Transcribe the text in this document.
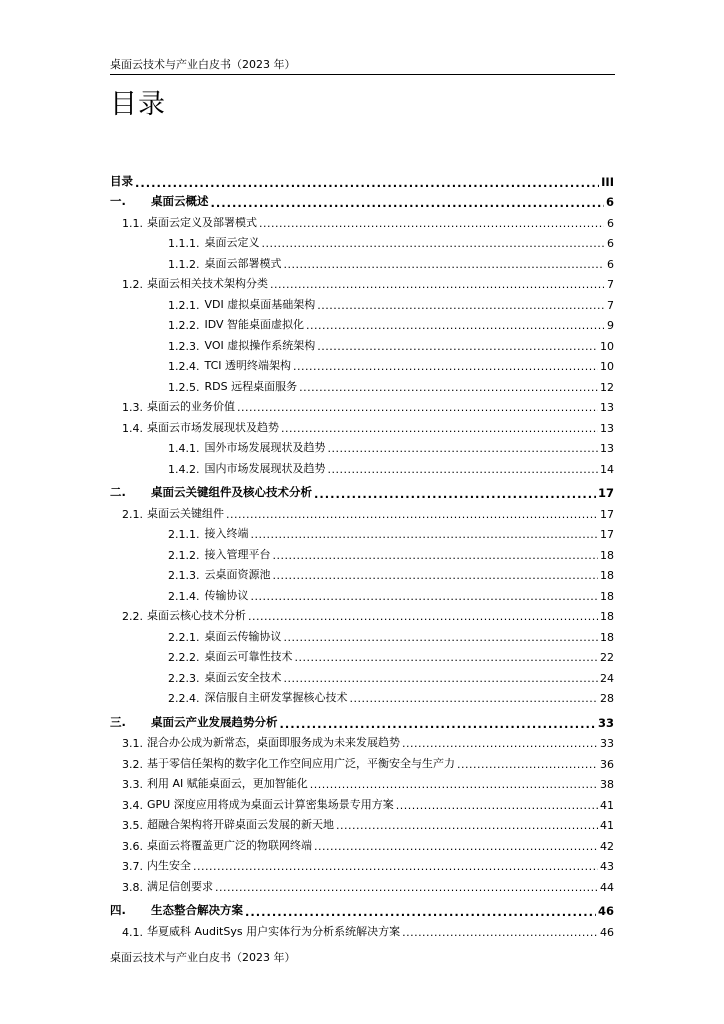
桌面云技术与产业白皮书（2023 年）
目录
目录 .....	III
一.	桌面云概述 .....	6
1.1. 桌面云定义及部署模式 .....	6
1.1.1. 桌面云定义 .....	6
1.1.2. 桌面云部署模式 .....	6
1.2. 桌面云相关技术架构分类 .....	7
1.2.1. VDI 虚拟桌面基础架构 .....	7
1.2.2. IDV 智能桌面虚拟化 .....	9
1.2.3. VOI 虚拟操作系统架构 .....	10
1.2.4. TCI 透明终端架构 .....	10
1.2.5. RDS 远程桌面服务 .....	12
1.3. 桌面云的业务价值 .....	13
1.4. 桌面云市场发展现状及趋势 .....	13
1.4.1. 国外市场发展现状及趋势 .....	13
1.4.2. 国内市场发展现状及趋势 .....	14
二.	桌面云关键组件及核心技术分析 .....	17
2.1. 桌面云关键组件 .....	17
2.1.1. 接入终端 .....	17
2.1.2. 接入管理平台 .....	18
2.1.3. 云桌面资源池 .....	18
2.1.4. 传输协议 .....	18
2.2. 桌面云核心技术分析 .....	18
2.2.1. 桌面云传输协议 .....	18
2.2.2. 桌面云可靠性技术 .....	22
2.2.3. 桌面云安全技术 .....	24
2.2.4. 深信服自主研发掌握核心技术 .....	28
三.	桌面云产业发展趋势分析 .....	33
3.1. 混合办公成为新常态，桌面即服务成为未来发展趋势 .....	33
3.2. 基于零信任架构的数字化工作空间应用广泛，平衡安全与生产力 .....	36
3.3. 利用 AI 赋能桌面云，更加智能化 .....	38
3.4. GPU 深度应用将成为桌面云计算密集场景专用方案 .....	41
3.5. 超融合架构将开辟桌面云发展的新天地 .....	41
3.6. 桌面云将覆盖更广泛的物联网终端 .....	42
3.7. 内生安全 .....	43
3.8. 满足信创要求 .....	44
四.	生态整合解决方案 .....	46
4.1. 华夏威科 AuditSys 用户实体行为分析系统解决方案 .....	46
桌面云技术与产业白皮书（2023 年）
